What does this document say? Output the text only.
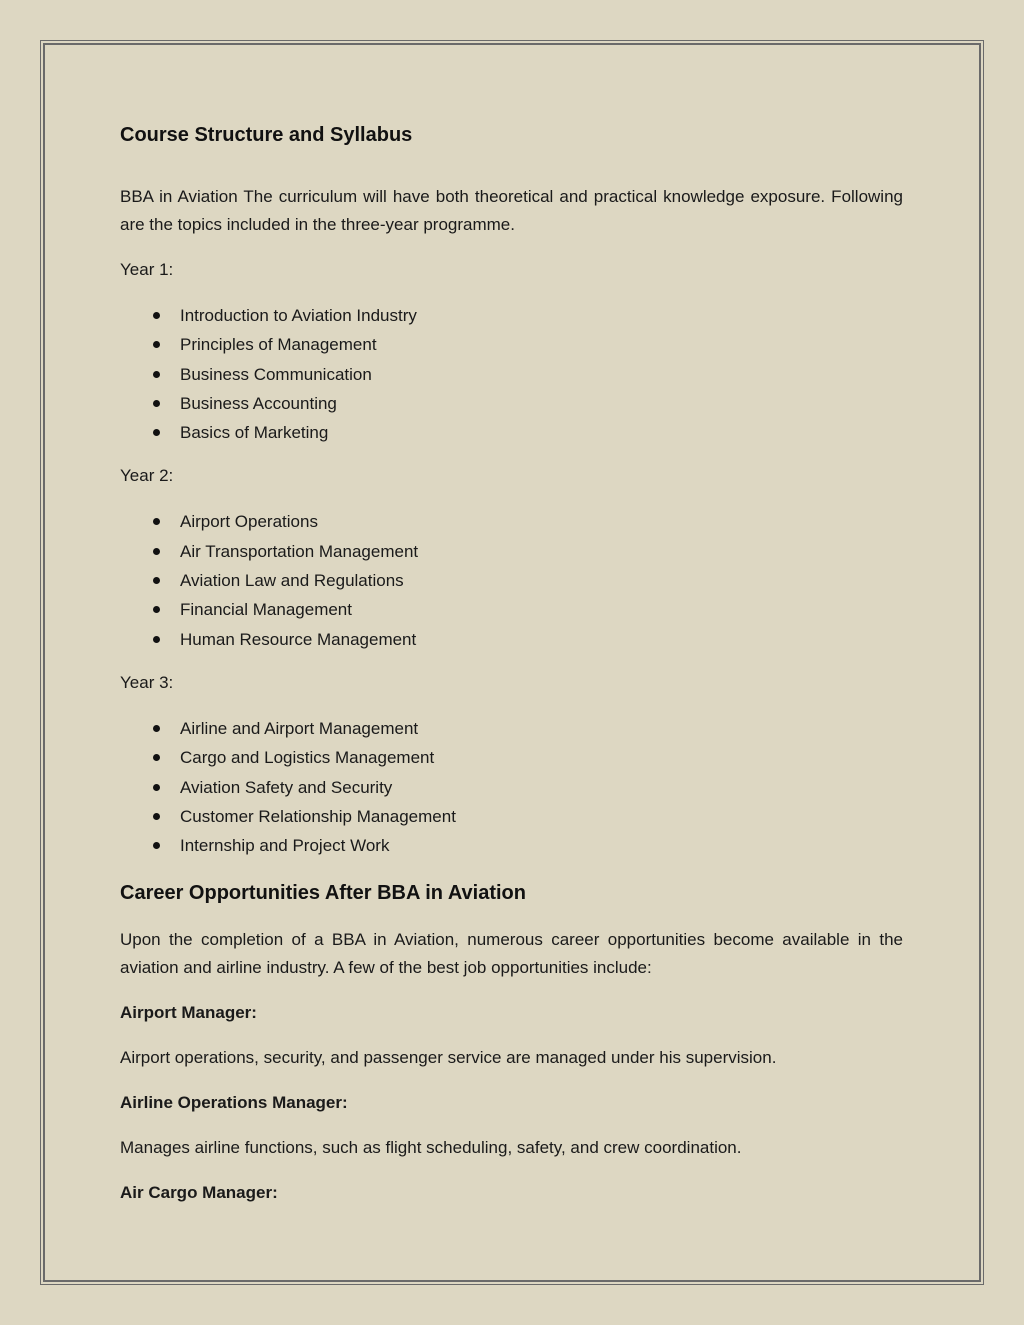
Course Structure and Syllabus

BBA in Aviation The curriculum will have both theoretical and practical knowledge exposure. Following are the topics included in the three-year programme.

Year 1:

Introduction to Aviation Industry
Principles of Management
Business Communication
Business Accounting
Basics of Marketing

Year 2:

Airport Operations
Air Transportation Management
Aviation Law and Regulations
Financial Management
Human Resource Management

Year 3:

Airline and Airport Management
Cargo and Logistics Management
Aviation Safety and Security
Customer Relationship Management
Internship and Project Work
Career Opportunities After BBA in Aviation

Upon the completion of a BBA in Aviation, numerous career opportunities become available in the aviation and airline industry. A few of the best job opportunities include:

Airport Manager:

Airport operations, security, and passenger service are managed under his supervision.

Airline Operations Manager:

Manages airline functions, such as flight scheduling, safety, and crew coordination.

Air Cargo Manager:
